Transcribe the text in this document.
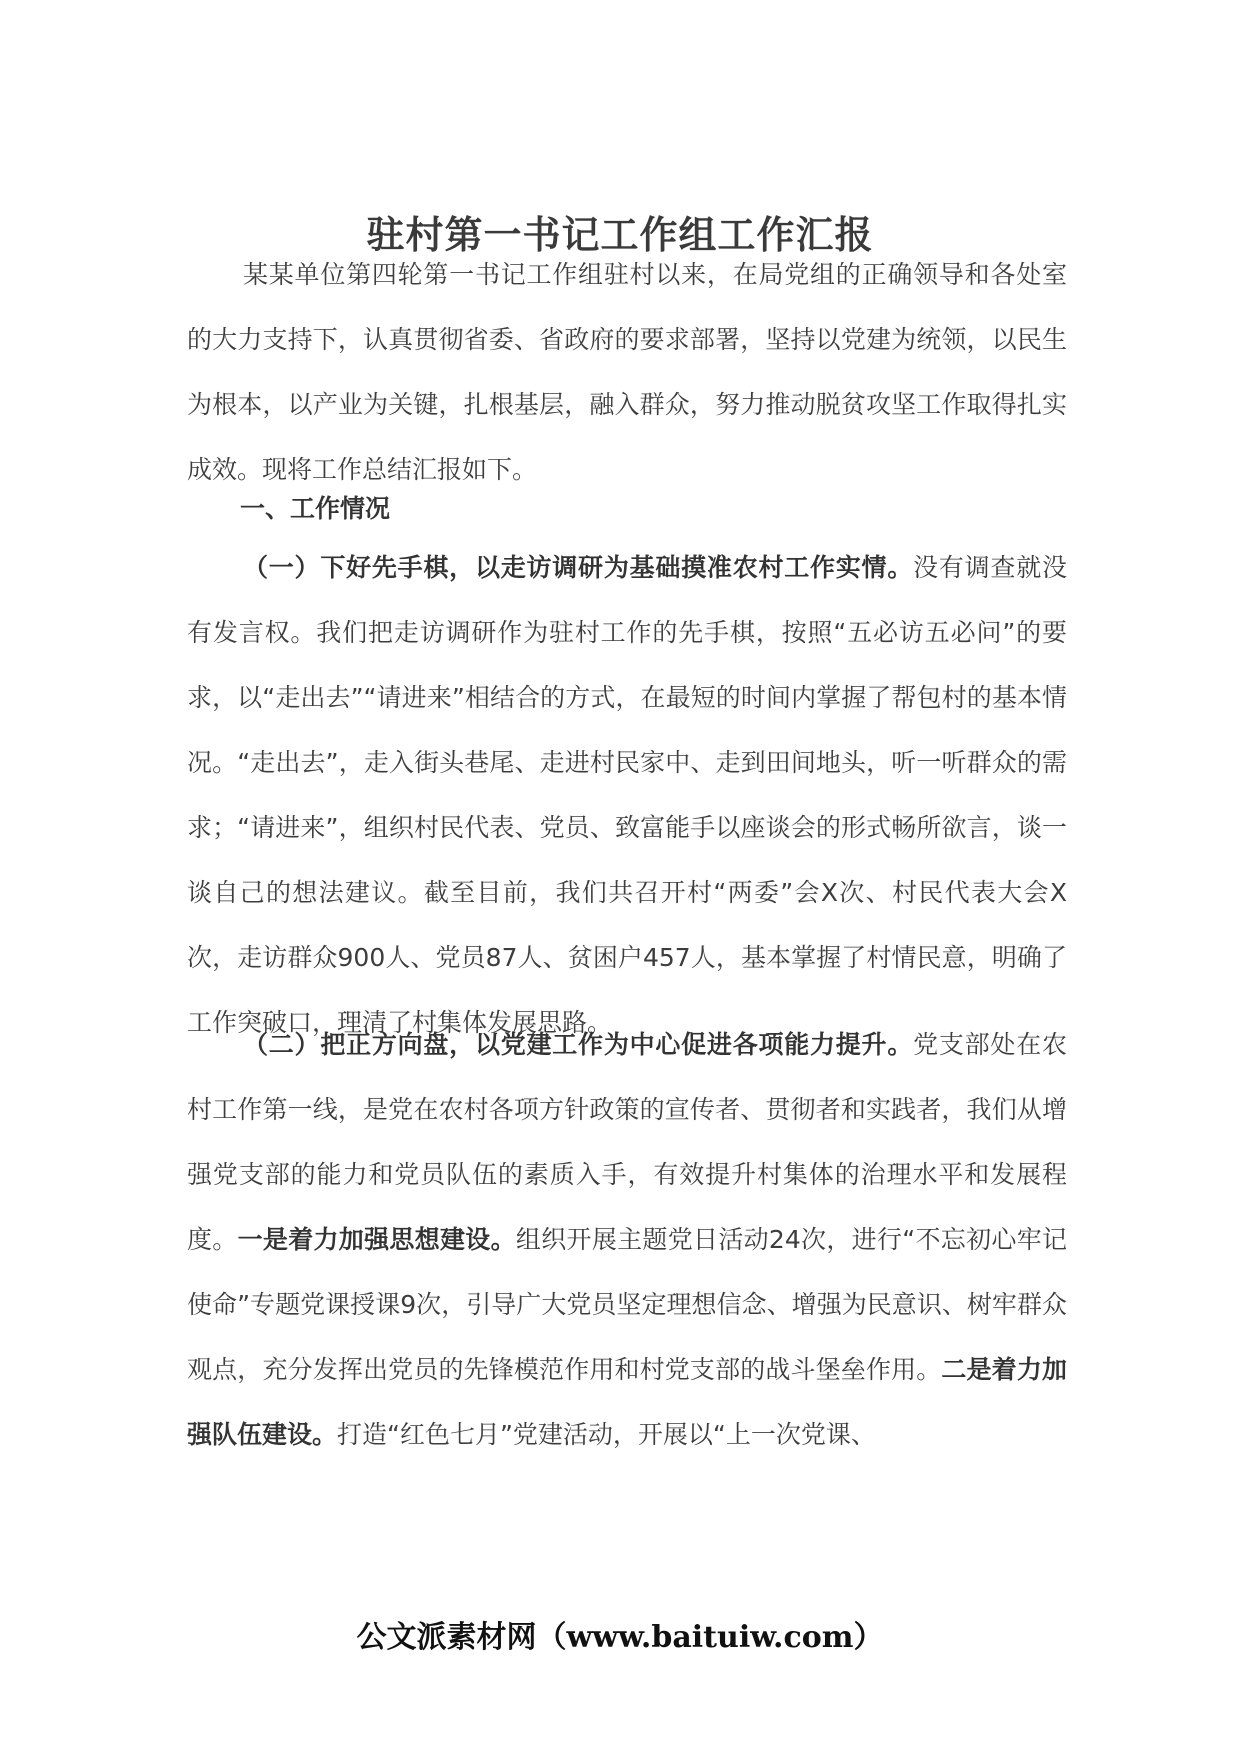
驻村第一书记工作组工作汇报

某某单位第四轮第一书记工作组驻村以来，在局党组的正确领导和各处室的大力支持下，认真贯彻省委、省政府的要求部署，坚持以党建为统领，以民生为根本，以产业为关键，扎根基层，融入群众，努力推动脱贫攻坚工作取得扎实成效。现将工作总结汇报如下。

一、工作情况

（一）下好先手棋，以走访调研为基础摸准农村工作实情。没有调查就没有发言权。我们把走访调研作为驻村工作的先手棋，按照“五必访五必问”的要求，以“走出去”“请进来”相结合的方式，在最短的时间内掌握了帮包村的基本情况。“走出去”，走入街头巷尾、走进村民家中、走到田间地头，听一听群众的需求；“请进来”，组织村民代表、党员、致富能手以座谈会的形式畅所欲言，谈一谈自己的想法建议。截至目前，我们共召开村“两委”会X次、村民代表大会X次，走访群众900人、党员87人、贫困户457人，基本掌握了村情民意，明确了工作突破口，理清了村集体发展思路。

（二）把正方向盘，以党建工作为中心促进各项能力提升。党支部处在农村工作第一线，是党在农村各项方针政策的宣传者、贯彻者和实践者，我们从增强党支部的能力和党员队伍的素质入手，有效提升村集体的治理水平和发展程度。一是着力加强思想建设。组织开展主题党日活动24次，进行“不忘初心牢记使命”专题党课授课9次，引导广大党员坚定理想信念、增强为民意识、树牢群众观点，充分发挥出党员的先锋模范作用和村党支部的战斗堡垒作用。二是着力加强队伍建设。打造“红色七月”党建活动，开展以“上一次党课、

公文派素材网（www.baituiw.com）
